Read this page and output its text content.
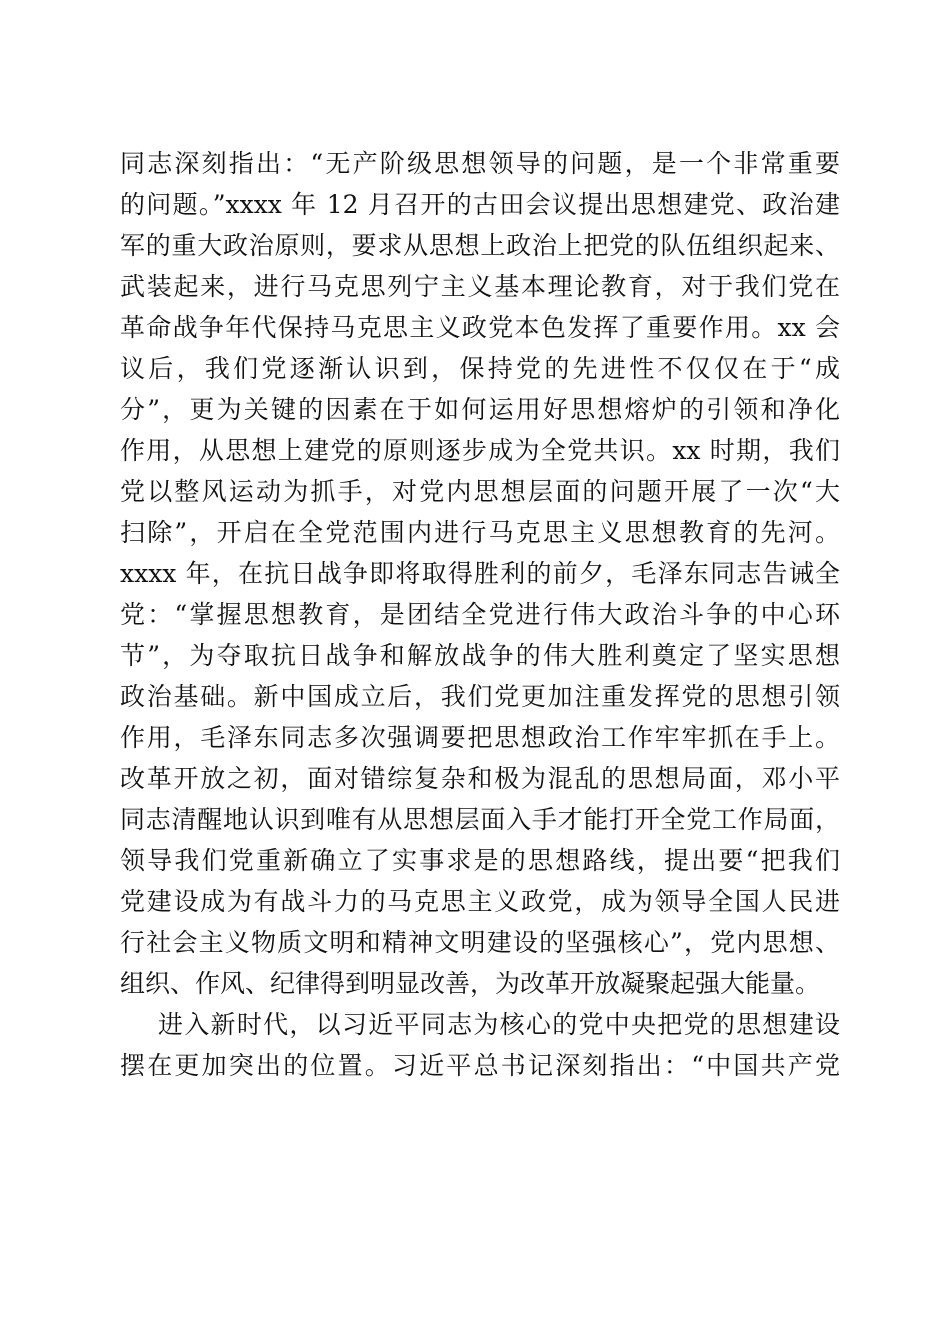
同志深刻指出：“无产阶级思想领导的问题，是一个非常重要
的问题。”xxxx 年 12 月召开的古田会议提出思想建党、政治建
军的重大政治原则，要求从思想上政治上把党的队伍组织起来、
武装起来，进行马克思列宁主义基本理论教育，对于我们党在
革命战争年代保持马克思主义政党本色发挥了重要作用。xx 会
议后，我们党逐渐认识到，保持党的先进性不仅仅在于“成
分”，更为关键的因素在于如何运用好思想熔炉的引领和净化
作用，从思想上建党的原则逐步成为全党共识。xx 时期，我们
党以整风运动为抓手，对党内思想层面的问题开展了一次“大
扫除”，开启在全党范围内进行马克思主义思想教育的先河。
xxxx 年，在抗日战争即将取得胜利的前夕，毛泽东同志告诫全
党：“掌握思想教育，是团结全党进行伟大政治斗争的中心环
节”，为夺取抗日战争和解放战争的伟大胜利奠定了坚实思想
政治基础。新中国成立后，我们党更加注重发挥党的思想引领
作用，毛泽东同志多次强调要把思想政治工作牢牢抓在手上。
改革开放之初，面对错综复杂和极为混乱的思想局面，邓小平
同志清醒地认识到唯有从思想层面入手才能打开全党工作局面，
领导我们党重新确立了实事求是的思想路线，提出要“把我们
党建设成为有战斗力的马克思主义政党，成为领导全国人民进
行社会主义物质文明和精神文明建设的坚强核心”，党内思想、
组织、作风、纪律得到明显改善，为改革开放凝聚起强大能量。
进入新时代，以习近平同志为核心的党中央把党的思想建设
摆在更加突出的位置。习近平总书记深刻指出：“中国共产党
